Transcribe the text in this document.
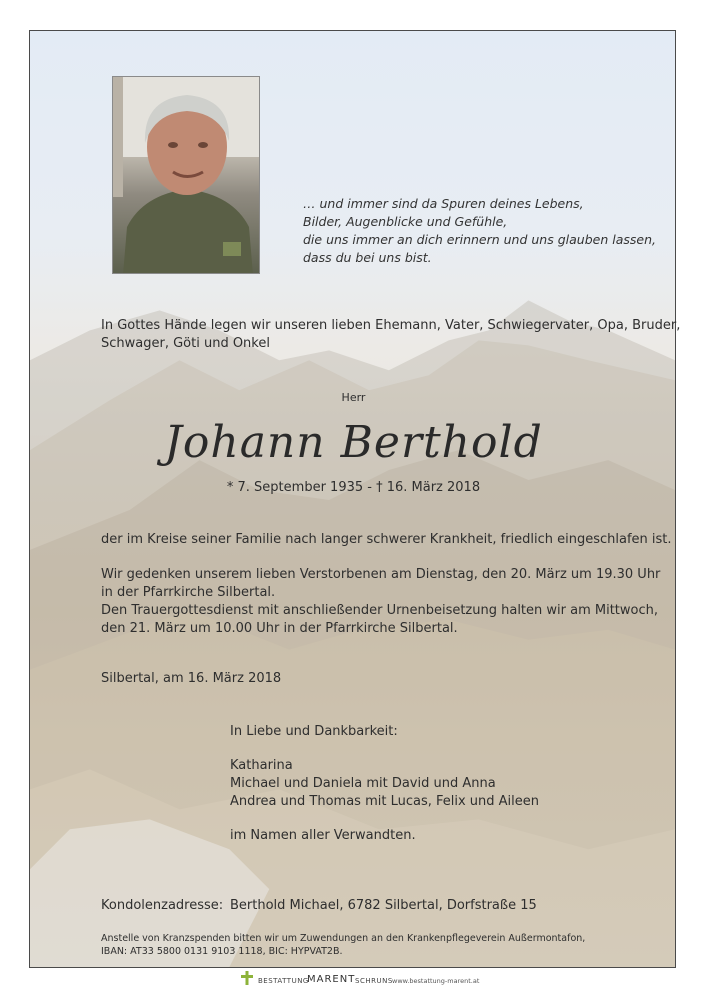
… und immer sind da Spuren deines Lebens,
Bilder, Augenblicke und Gefühle,
die uns immer an dich erinnern und uns glauben lassen,
dass du bei uns bist.
In Gottes Hände legen wir unseren lieben Ehemann, Vater, Schwiegervater, Opa, Bruder,
Schwager, Göti und Onkel
Herr
Johann Berthold
* 7. September 1935 - † 16. März 2018
der im Kreise seiner Familie nach langer schwerer Krankheit, friedlich eingeschlafen ist.
Wir gedenken unserem lieben Verstorbenen am Dienstag, den 20. März um 19.30 Uhr
in der Pfarrkirche Silbertal.
Den Trauergottesdienst mit anschließender Urnenbeisetzung halten wir am Mittwoch,
den 21. März um 10.00 Uhr in der Pfarrkirche Silbertal.
Silbertal, am 16. März 2018
In Liebe und Dankbarkeit:
Katharina
Michael und Daniela mit David und Anna
Andrea und Thomas mit Lucas, Felix und Aileen
im Namen aller Verwandten.
Kondolenzadresse: Berthold Michael, 6782 Silbertal, Dorfstraße 15
Anstelle von Kranzspenden bitten wir um Zuwendungen an den Krankenpflegeverein Außermontafon,
IBAN: AT33 5800 0131 9103 1118, BIC: HYPVAT2B.
BESTATTUNG
MARENT SCHRUNS www.bestattung-marent.at
